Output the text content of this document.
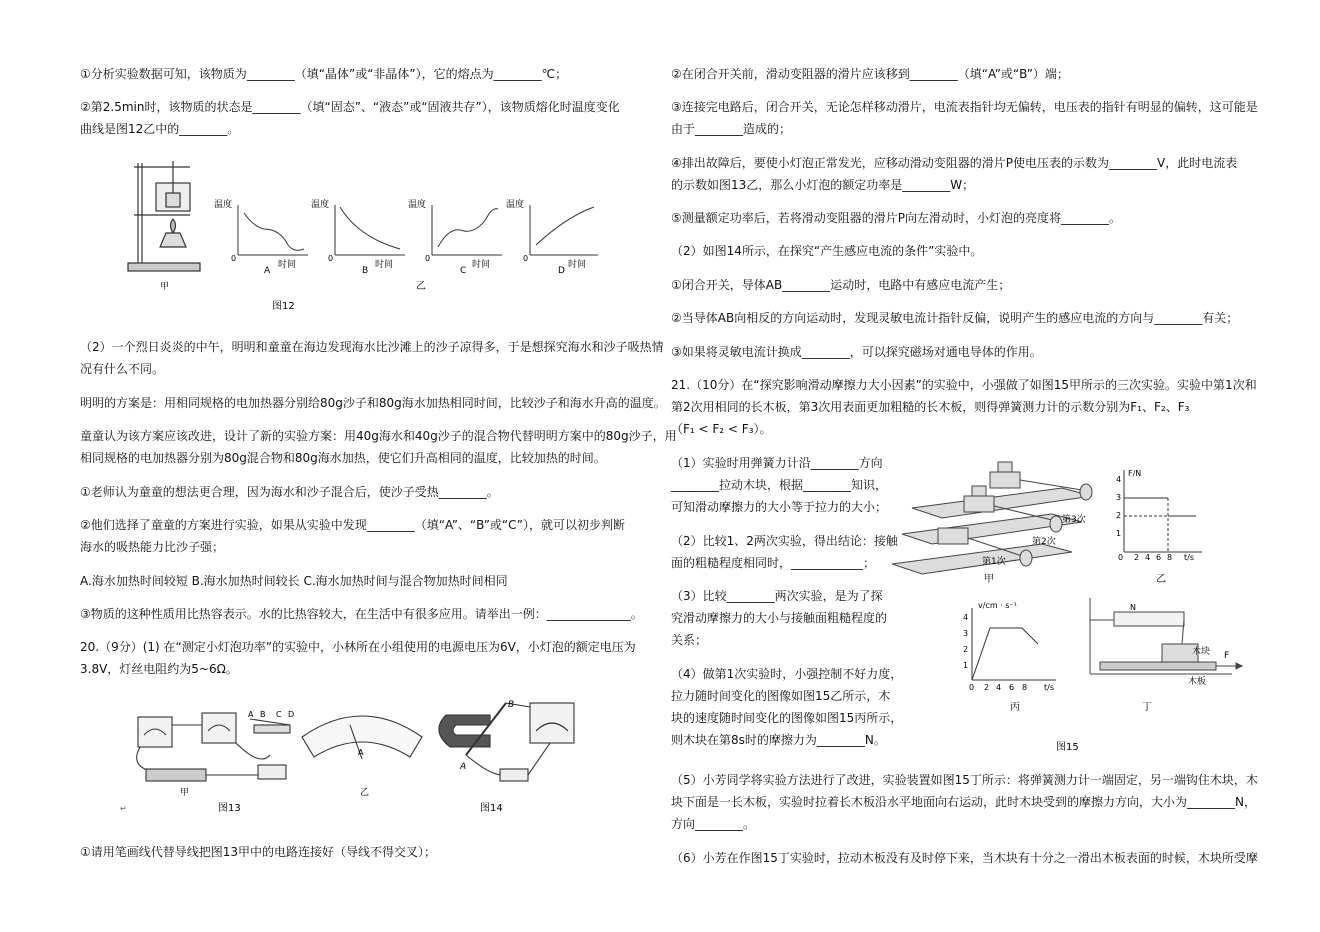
①分析实验数据可知，该物质为________（填“晶体”或“非晶体”），它的熔点为________℃；
②第2.5min时，该物质的状态是________（填“固态”、“液态”或“固液共存”），该物质熔化时温度变化
曲线是图12乙中的________。
甲
温度
时间
0
A
温度
时间
0
B
温度
时间
0
C
温度
时间
0
D
乙
图12
（2）一个烈日炎炎的中午，明明和童童在海边发现海水比沙滩上的沙子凉得多，于是想探究海水和沙子吸热情
况有什么不同。
明明的方案是：用相同规格的电加热器分别给80g沙子和80g海水加热相同时间，比较沙子和海水升高的温度。
童童认为该方案应该改进，设计了新的实验方案：用40g海水和40g沙子的混合物代替明明方案中的80g沙子，用
相同规格的电加热器分别为80g混合物和80g海水加热，使它们升高相同的温度，比较加热的时间。
①老师认为童童的想法更合理，因为海水和沙子混合后，使沙子受热________。
②他们选择了童童的方案进行实验，如果从实验中发现________（填“A”、“B”或“C”），就可以初步判断
海水的吸热能力比沙子强；
A.海水加热时间较短 B.海水加热时间较长 C.海水加热时间与混合物加热时间相同
③物质的这种性质用比热容表示。水的比热容较大，在生活中有很多应用。请举出一例：______________。
20.（9分）(1) 在“测定小灯泡功率”的实验中，小林所在小组使用的电源电压为6V，小灯泡的额定电压为
3.8V，灯丝电阻约为5~6Ω。
A B C D
甲
↵	图13
A
乙
A
B
图14
①请用笔画线代替导线把图13甲中的电路连接好（导线不得交叉）；
②在闭合开关前，滑动变阻器的滑片应该移到________（填“A”或“B”）端；
③连接完电路后，闭合开关，无论怎样移动滑片，电流表指针均无偏转，电压表的指针有明显的偏转，这可能是
由于________造成的；
④排出故障后，要使小灯泡正常发光，应移动滑动变阻器的滑片P使电压表的示数为________V，此时电流表
的示数如图13乙，那么小灯泡的额定功率是________W；
⑤测量额定功率后，若将滑动变阻器的滑片P向左滑动时，小灯泡的亮度将________。
（2）如图14所示，在探究“产生感应电流的条件”实验中。
①闭合开关，导体AB________运动时，电路中有感应电流产生；
②当导体AB向相反的方向运动时，发现灵敏电流计指针反偏，说明产生的感应电流的方向与________有关；
③如果将灵敏电流计换成________，可以探究磁场对通电导体的作用。
21.（10分）在“探究影响滑动摩擦力大小因素”的实验中，小强做了如图15甲所示的三次实验。实验中第1次和
第2次用相同的长木板，第3次用表面更加粗糙的长木板，则得弹簧测力计的示数分别为F₁、F₂、F₃
（F₁ < F₂ < F₃）。
（1）实验时用弹簧力计沿________方向
________拉动木块，根据________知识，
可知滑动摩擦力的大小等于拉力的大小；
（2）比较1、2两次实验，得出结论：接触
面的粗糙程度相同时，____________；
（3）比较________两次实验，是为了探
究滑动摩擦力的大小与接触面粗糙程度的
关系；
（4）做第1次实验时，小强控制不好力度，
拉力随时间变化的图像如图15乙所示，木
块的速度随时间变化的图像如图15丙所示，
则木块在第8s时的摩擦力为________N。
第3次
第2次
第1次
甲
F/N
4
3
2
1
0 2 4 6 8 t/s
乙
v/cm · s⁻¹
4
3
2
1
0 2 4 6 8 t/s
丙
N
木块
木板
F
丁
图15
（5）小芳同学将实验方法进行了改进，实验装置如图15丁所示：将弹簧测力计一端固定，另一端钩住木块，木
块下面是一长木板，实验时拉着长木板沿水平地面向右运动，此时木块受到的摩擦力方向，大小为________N，
方向________。
（6）小芳在作图15丁实验时，拉动木板没有及时停下来，当木块有十分之一滑出木板表面的时候，木块所受摩
